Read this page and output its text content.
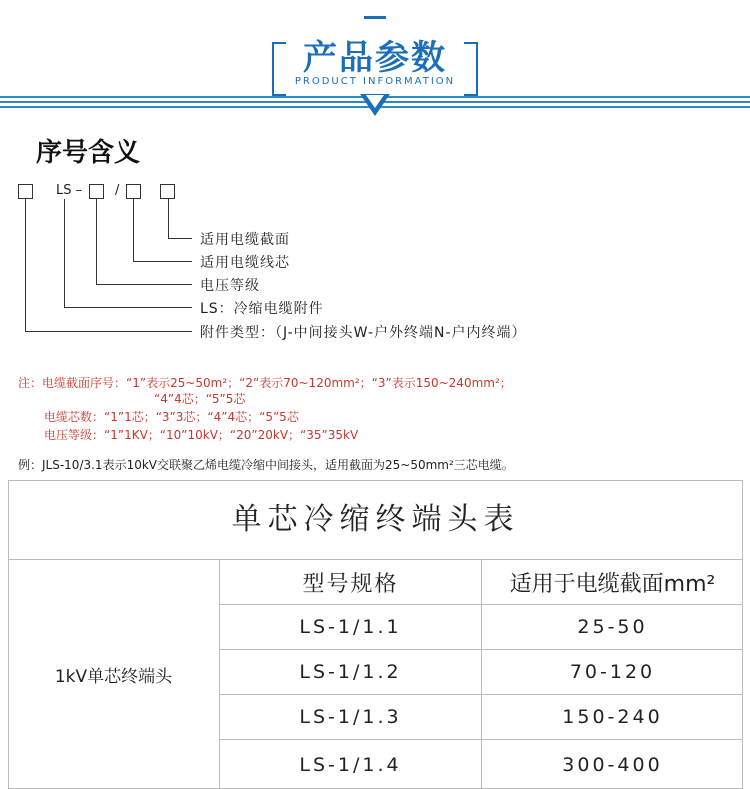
产品参数
PRODUCT INFORMATION
序号含义
LS –	/
适用电缆截面
适用电缆线芯
电压等级
LS：冷缩电缆附件
附件类型：（J-中间接头W-户外终端N-户内终端）
注：电缆截面序号：“1”表示25~50m²；“2”表示70~120mm²；“3”表示150~240mm²；
“4”4芯；“5”5芯
电缆芯数：“1”1芯；“3”3芯；“4”4芯；“5”5芯
电压等级：“1”1KV；“10”10kV；“20”20kV；“35”35kV
例：JLS-10/3.1表示10kV交联聚乙烯电缆冷缩中间接头，适用截面为25~50mm²三芯电缆。
单芯冷缩终端头表
1kV单芯终端头
型号规格	适用于电缆截面mm²
LS-1/1.1	25-50
LS-1/1.2	70-120
LS-1/1.3	150-240
LS-1/1.4	300-400
